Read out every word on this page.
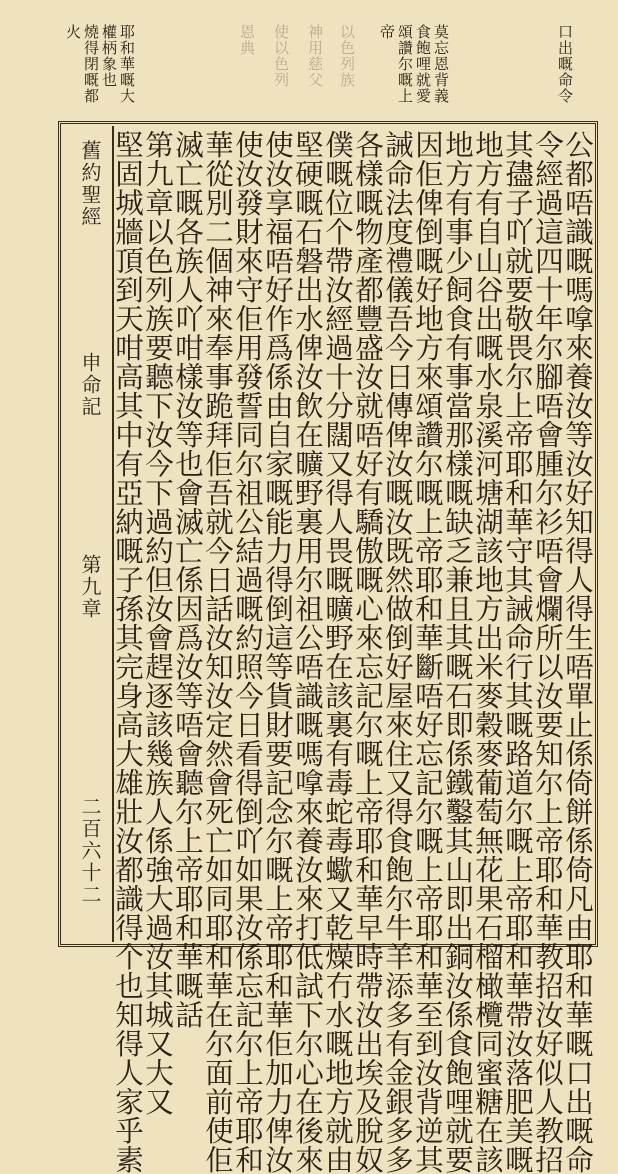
口出嘅命令
莫忘恩背義
食飽哩就愛
頌讚尔嘅上
帝
以色列族
神用慈父
使以色列
恩典
耶和華嘅大
權柄象也
燒得閉嘅都
火
舊約聖經
申命記
第九章
二百六十二	公都唔識嘅嗎嗱來養汝等汝好知得人得生唔單止係倚餅係倚凡由耶和華嘅口出嘅命
令經過這四十年尔腳唔會腫尔衫唔會爛所以汝要知尔上帝耶和華教招汝好似人教招
其孻子吖就要敬畏尔上帝耶和華守其誡命行其嘅路道尔嘅上帝耶和華帶汝落肥美嘅
地方有自山谷出嘅水泉溪河塘湖該地方出米麥穀麥葡萄無花果石榴橄欖同蜜糖在該
地方有事少飼食有事當那樣嘅缺乏兼且其嘅石即係鐵鑿其山即出銅汝係食飽哩就要
因佢俾倒嘅好地方來頌讚尔嘅上帝耶和華斷唔好忘記尔嘅上帝耶和華至到汝背逆其
誡命法度禮儀吾今日傳俾汝嘅汝既然做倒好屋來住又得食飽尔牛羊添多有金銀多多
各樣嘅物產都豐盛汝就唔好有驕傲嘅心來忘記尔嘅上帝耶和華早時帶汝出埃及脫奴
僕嘅位个帶汝經過十分闊又得人畏嘅曠野在該裏有毒蛇毒蠍又乾燥冇水嘅地方就由
堅硬嘅石磐出水俾汝飲在曠野裏用尔祖公唔識嘅嗎嗱來養汝來打低試下尔心在後來
使汝享福唔好作爲係由自家嘅能力得倒這等貨財要記念尔嘅上帝耶和華佢加力俾汝
使汝發財來守佢用發誓同尔祖公結過嘅約照今日看得倒吖如果汝係忘記尔上帝耶和
華從別二個神來奉事跪拜佢吾就今日話汝知汝定然會死亡如同耶和華在尔面前使佢
滅亡嘅各族人吖咁樣汝等也會滅亡係因爲汝等唔會聽尔上帝耶和華嘅話
第九章以色列族要聽下汝今下過約但汝會趕逐該幾族人係強大過汝其城又大又
堅固城牆頂到天咁高其中有亞納嘅子孫其完身高大雄壯汝都識得个也知得人家乎素
